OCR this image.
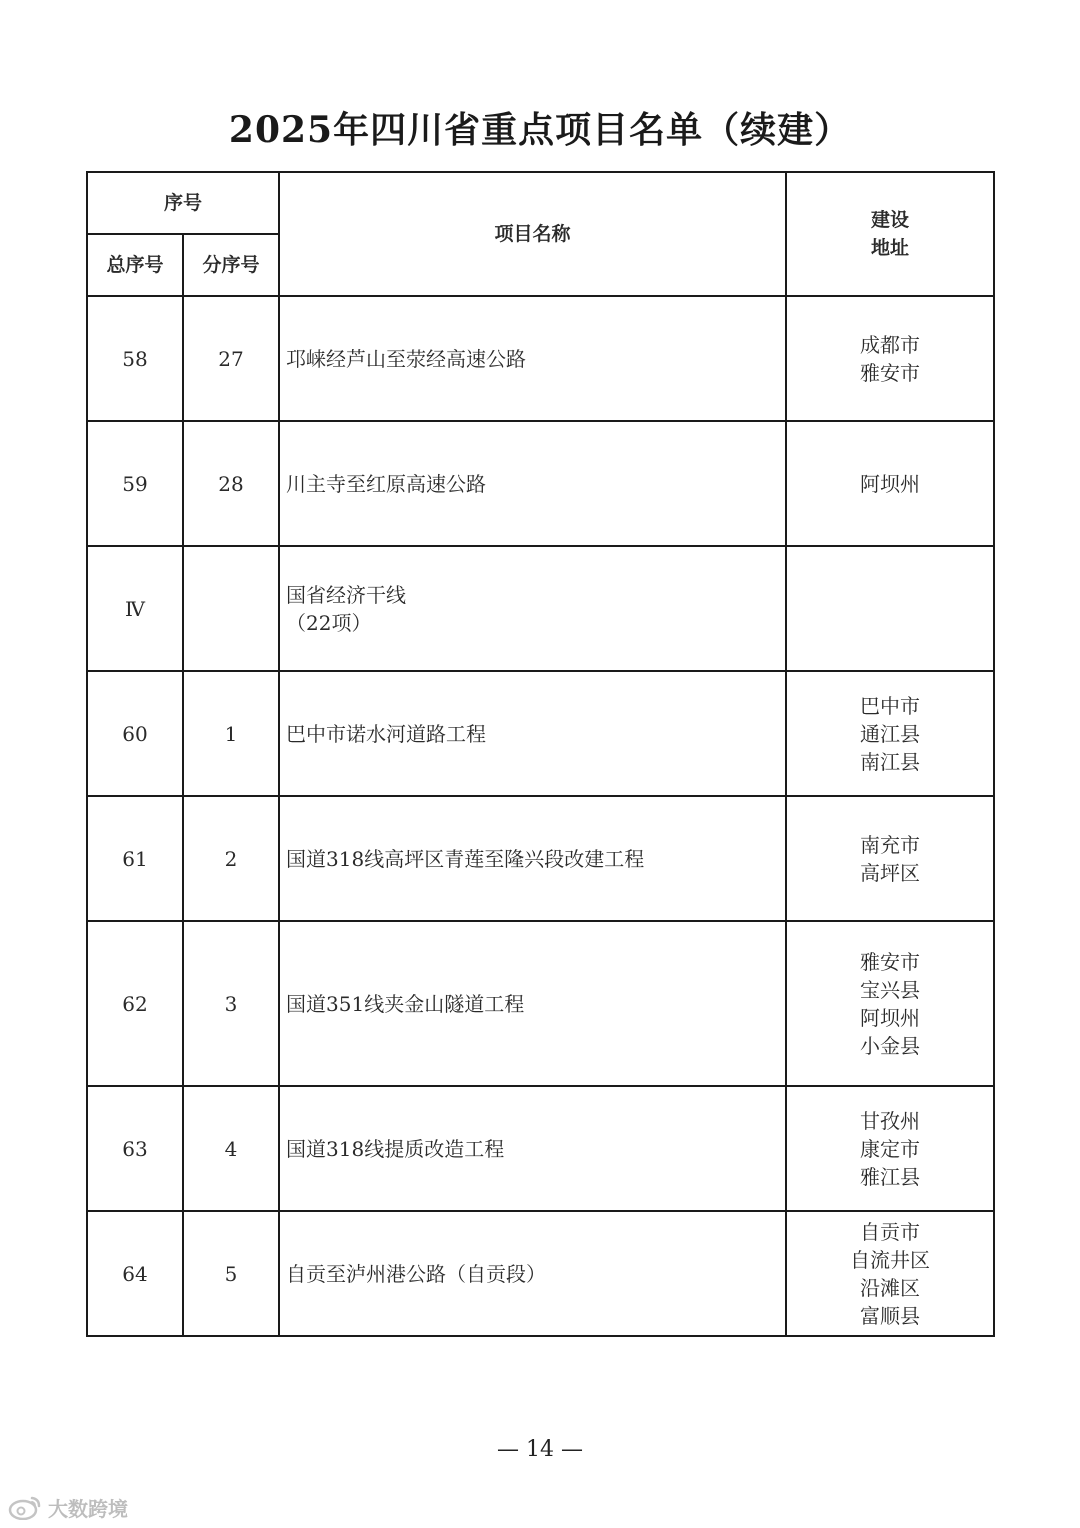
2025年四川省重点项目名单（续建）
序号		项目名称	建设
地址

总序号	分序号		
58	27	邛崃经芦山至荥经高速公路	成都市
雅安市

59	28	川主寺至红原高速公路	阿坝州

Ⅳ		国省经济干线
（22项）	

60	1	巴中市诺水河道路工程	巴中市
通江县
南江县

61	2	国道318线高坪区青莲至隆兴段改建工程	南充市
高坪区

62	3	国道351线夹金山隧道工程	雅安市
宝兴县
阿坝州
小金县

63	4	国道318线提质改造工程	甘孜州
康定市
雅江县

64	5	自贡至泸州港公路（自贡段）	自贡市
自流井区
沿滩区
富顺县
— 14 —
大数跨境
